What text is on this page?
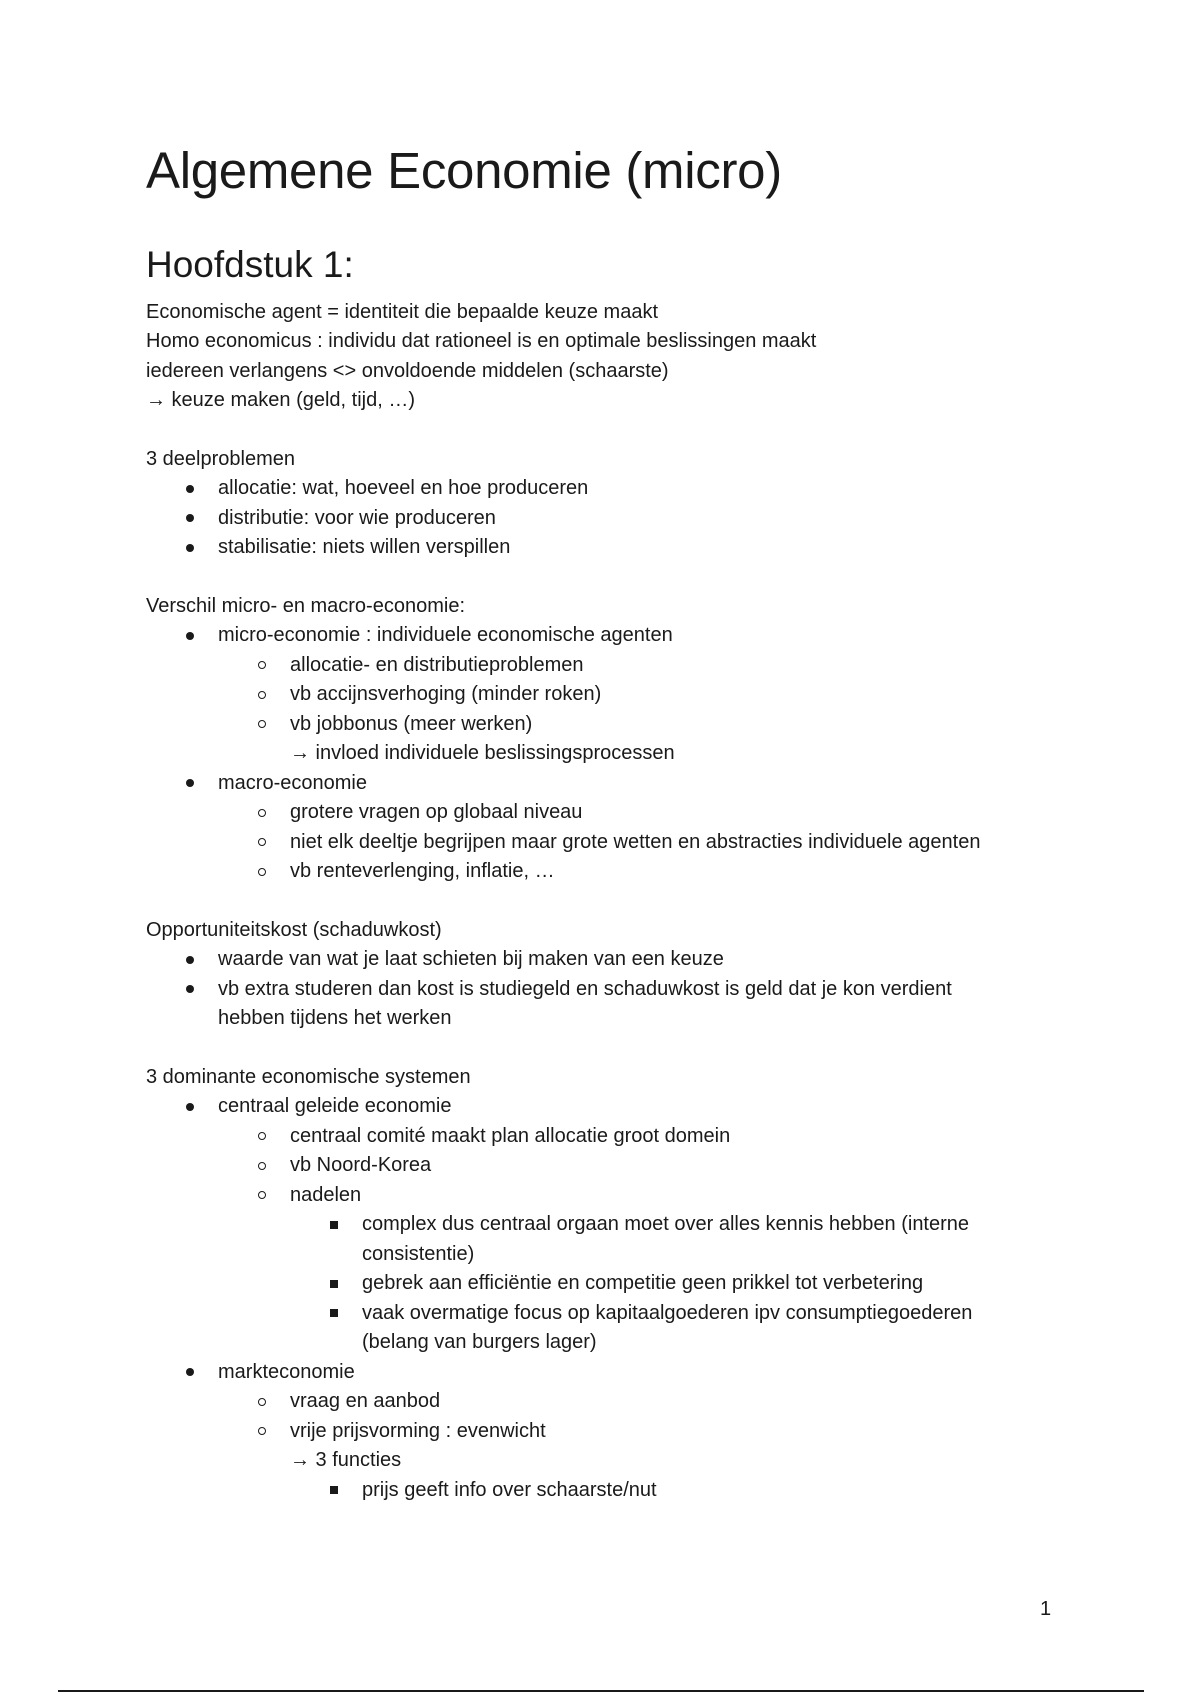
Algemene Economie (micro)
Hoofdstuk 1:

Economische agent = identiteit die bepaalde keuze maakt

Homo economicus : individu dat rationeel is en optimale beslissingen maakt

iedereen verlangens <> onvoldoende middelen (schaarste)

→ keuze maken (geld, tijd, …)

3 deelproblemen

allocatie: wat, hoeveel en hoe produceren
distributie: voor wie produceren
stabilisatie: niets willen verspillen

Verschil micro- en macro-economie:

micro-economie : individuele economische agenten
allocatie- en distributieproblemen
vb accijnsverhoging (minder roken)
vb jobbonus (meer werken)
→ invloed individuele beslissingsprocessen
macro-economie
grotere vragen op globaal niveau
niet elk deeltje begrijpen maar grote wetten en abstracties individuele agenten
vb renteverlenging, inflatie, …

Opportuniteitskost (schaduwkost)

waarde van wat je laat schieten bij maken van een keuze
vb extra studeren dan kost is studiegeld en schaduwkost is geld dat je kon verdient hebben tijdens het werken

3 dominante economische systemen

centraal geleide economie
centraal comité maakt plan allocatie groot domein
vb Noord-Korea
nadelen
complex dus centraal orgaan moet over alles kennis hebben (interne consistentie)
gebrek aan efficiëntie en competitie geen prikkel tot verbetering
vaak overmatige focus op kapitaalgoederen ipv consumptiegoederen (belang van burgers lager)
markteconomie
vraag en aanbod
vrije prijsvorming : evenwicht
→ 3 functies
prijs geeft info over schaarste/nut
1
